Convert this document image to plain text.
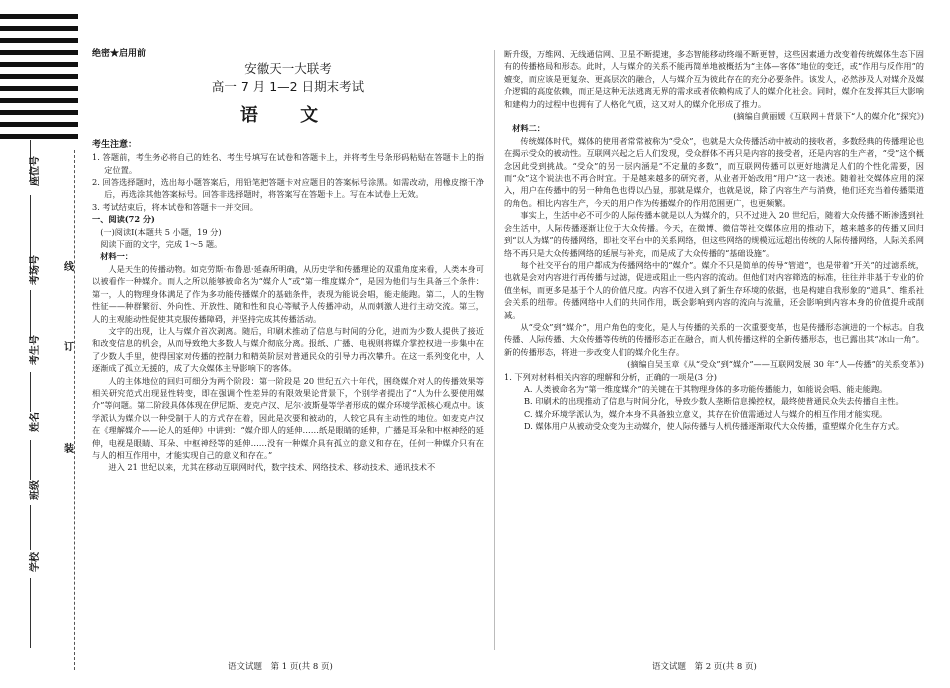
座位号
考场号
考生号
姓名
班级
学校
线
订
装

绝密★启用前

安徽天一大联考
高一 7 月 1—2 日期末考试
语 文

考生注意：

1. 答题前，考生务必将自己的姓名、考生号填写在试卷和答题卡上，并将考生号条形码粘贴在答题卡上的指定位置。

2. 回答选择题时，选出每小题答案后，用铅笔把答题卡对应题目的答案标号涂黑。如需改动，用橡皮擦干净后，再选涂其他答案标号。回答非选择题时，将答案写在答题卡上。写在本试卷上无效。

3. 考试结束后，将本试卷和答题卡一并交回。

一、阅读(72 分)

(一)阅读Ⅰ(本题共 5 小题，19 分)

阅读下面的文字，完成 1～5 题。

材料一：

人是天生的传播动物。如克劳斯·布鲁恩·延森所明确，从历史学和传播理论的双重角度来看，人类本身可以被看作一种媒介。而人之所以能够被命名为“媒介人”或“第一维度媒介”，是因为他们与生具备三个条件：第一，人的物理身体满足了作为多功能传播媒介的基础条件，表现为能说会唱，能走能跑。第二，人的生物性征——种群繁衍、外向性、开放性、随和性和良心等赋予人传播冲动，从而刺激人进行主动交流。第三，人的主观能动性促使其克服传播障碍，并坚持完成其传播活动。

文字的出现，让人与媒介首次剥离。随后，印刷术推动了信息与时间的分化，进而为少数人提供了接近和改变信息的机会，从而导致绝大多数人与媒介彻底分离。报纸、广播、电视则将媒介掌控权进一步集中在了少数人手里，使得国家对传播的控制力和精英阶层对普通民众的引导力再次攀升。在这一系列变化中，人逐渐成了孤立无援的，成了大众媒体主导影响下的客体。

人的主体地位的回归可细分为两个阶段：第一阶段是 20 世纪五六十年代，围绕媒介对人的传播效果等相关研究范式出现显性转变，即在强调个性差异的有限效果论背景下，个别学者提出了“人为什么要使用媒介”等问题。第二阶段具体体现在伊尼斯、麦克卢汉、尼尔·波斯曼等学者形成的媒介环境学派核心观点中。该学派认为媒介以一种受制于人的方式存在着，因此是次要和被动的，人较它具有主动性的地位。如麦克卢汉在《理解媒介——论人的延伸》中讲到：“媒介即人的延伸……纸是眼睛的延伸，广播是耳朵和中枢神经的延伸，电视是眼睛、耳朵、中枢神经等的延伸……没有一种媒介具有孤立的意义和存在，任何一种媒介只有在与人的相互作用中，才能实现自己的意义和存在。”

进入 21 世纪以来，尤其在移动互联网时代，数字技术、网络技术、移动技术、通讯技术不

断升级，万维网、无线通信网、卫星不断提速，多态智能移动终端不断更替，这些因素通力改变着传统媒体生态下固有的传播格局和形态。此时，人与媒介的关系不能再简单地被概括为“主体—客体”地位的变迁，或“作用与反作用”的嬗变，而应该是更复杂、更高层次的融合，人与媒介互为彼此存在的充分必要条件。该发人，必然涉及人对媒介及媒介逻辑的高度依赖，而正是这种无法逃离无界的需求或者依赖构成了人的媒介化社会。同时，媒介在发挥其巨大影响和建构力的过程中也拥有了人格化气质，这又对人的媒介化形成了推力。

(摘编自黄丽媛《互联网＋背景下“人的媒介化”探究》)

材料二：

传统媒体时代，媒体的使用者常常被称为“受众”，也就是大众传播活动中被动的接收者，多数经典的传播理论也在揭示受众的被动性。互联网兴起之后人们发现，受众群体不再只是内容的接受者，还是内容的生产者，“受”这个概念因此受到挑战。“受众”的另一层内涵是“不定量的多数”，而互联网传播可以更好地满足人们的个性化需要，因而“众”这个说法也不再合时宜。于是越来越多的研究者，从业者开始改用“用户”这一表述。随着社交媒体应用的深入，用户在传播中的另一种角色也得以凸显，那就是媒介，也就是说，除了内容生产与消费，他们还充当着传播渠道的角色。相比内容生产，今天的用户作为传播媒介的作用范围更广，也更频繁。

事实上，生活中必不可少的人际传播本就是以人为媒介的，只不过进入 20 世纪后，随着大众传播不断渗透到社会生活中，人际传播逐渐让位于大众传播。今天，在微博、微信等社交媒体应用的推动下，越来越多的传播又回归到“以人为媒”的传播网络，即社交平台中的关系网络，但这些网络的规模远远超出传统的人际传播网络，人际关系网络不再只是大众传播网络的延展与补充，而是成了大众传播的“基础设施”。

每个社交平台的用户都成为传播网络中的“媒介”。媒介不只是简单的传导“管道”，也是带着“开关”的过滤系统，也就是会对内容进行再传播与过滤，促进或阻止一些内容的流动。但他们对内容筛选的标准，往往并非基于专业的价值坐标，而更多是基于个人的价值尺度。内容不仅进入到了新生存环境的依据，也是构建自我形象的“道具”、维系社会关系的纽带。传播网络中人们的共同作用，既会影响到内容的流向与流量，还会影响到内容本身的价值提升或削减。

从“受众”到“媒介”，用户角色的变化，是人与传播的关系的一次重要变革，也是传播形态演进的一个标志。自我传播、人际传播、大众传播等传统的传播形态正在融合，而人机传播这样的全新传播形态，也已露出其“冰山一角”。新的传播形态，将进一步改变人们的媒介化生存。

(摘编自吴玉章《从“受众”到“媒介”——互联网发展 30 年“人—传播”的关系变革》)

1. 下列对材料相关内容的理解和分析，正确的一项是(3 分)

A. 人类被命名为“第一维度媒介”的关键在于其物理身体的多功能传播能力，如能说会唱、能走能跑。

B. 印刷术的出现推动了信息与时间分化，导致少数人垄断信息操控权，最终使普通民众失去传播自主性。

C. 媒介环境学派认为，媒介本身不具备独立意义，其存在价值需通过人与媒介的相互作用才能实现。

D. 媒体用户从被动受众变为主动媒介，使人际传播与人机传播逐渐取代大众传播，重塑媒介化生存方式。

语文试题　第 1 页(共 8 页)	语文试题　第 2 页(共 8 页)
